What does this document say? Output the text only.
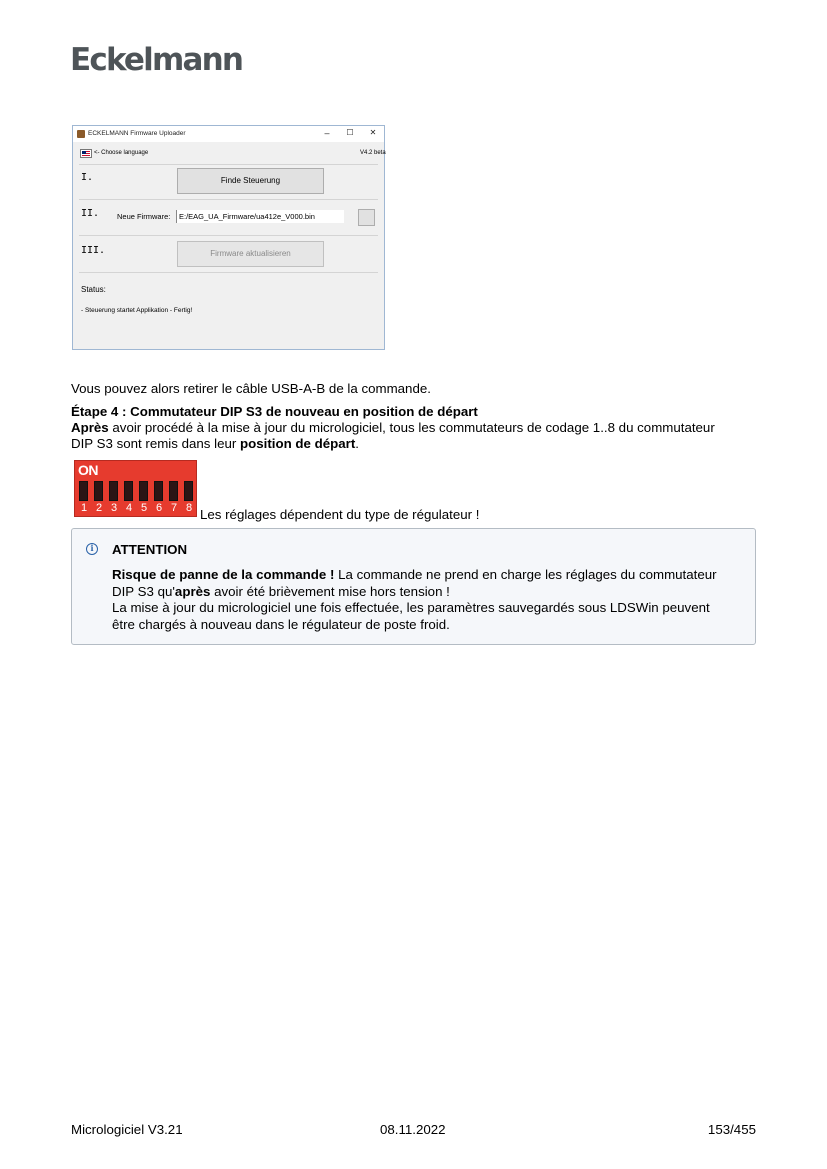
Eckelmann
ECKELMANN Firmware Uploader	–	☐	✕
<- Choose language	V4.2 beta
I.	Finde Steuerung
II. Neue Firmware:	E:/EAG_UA_Firmware/ua412e_V000.bin
III.	Firmware aktualisieren
Status:
- Steuerung startet Applikation - Fertig!
Vous pouvez alors retirer le câble USB-A-B de la commande.
Étape 4 : Commutateur DIP S3 de nouveau en position de départ
Après avoir procédé à la mise à jour du micrologiciel, tous les commutateurs de codage 1..8 du commutateur
DIP S3 sont remis dans leur position de départ.
ON
1 2 3 4 5 6 7 8 Les réglages dépendent du type de régulateur !
i	ATTENTION
Risque de panne de la commande ! La commande ne prend en charge les réglages du commutateur
DIP S3 qu'après avoir été brièvement mise hors tension !
La mise à jour du micrologiciel une fois effectuée, les paramètres sauvegardés sous LDSWin peuvent
être chargés à nouveau dans le régulateur de poste froid.
Micrologiciel V3.21	08.11.2022	153/455
